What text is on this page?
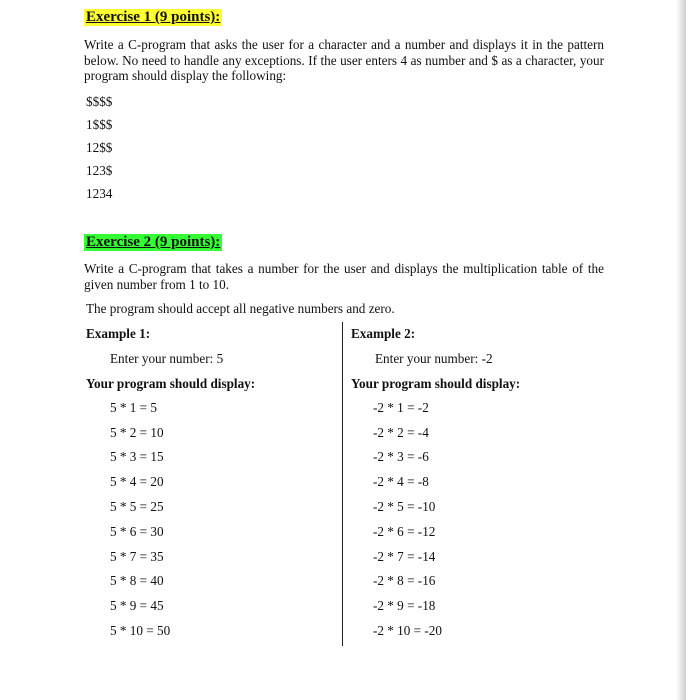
Exercise 1 (9 points):
Write a C-program that asks the user for a character and a number and displays it in the pattern below. No need to handle any exceptions. If the user enters 4 as number and $ as a character, your program should display the following:
$$$$
1$$$
12$$
123$
1234
Exercise 2 (9 points):
Write a C-program that takes a number for the user and displays the multiplication table of the given number from 1 to 10.
The program should accept all negative numbers and zero.
Example 1:
Enter your number: 5
Your program should display:
5 * 1 = 5
5 * 2 = 10
5 * 3 = 15
5 * 4 = 20
5 * 5 = 25
5 * 6 = 30
5 * 7 = 35
5 * 8 = 40
5 * 9 = 45
5 * 10 = 50
Example 2:
Enter your number: -2
Your program should display:
-2 * 1 = -2
-2 * 2 = -4
-2 * 3 = -6
-2 * 4 = -8
-2 * 5 = -10
-2 * 6 = -12
-2 * 7 = -14
-2 * 8 = -16
-2 * 9 = -18
-2 * 10 = -20
